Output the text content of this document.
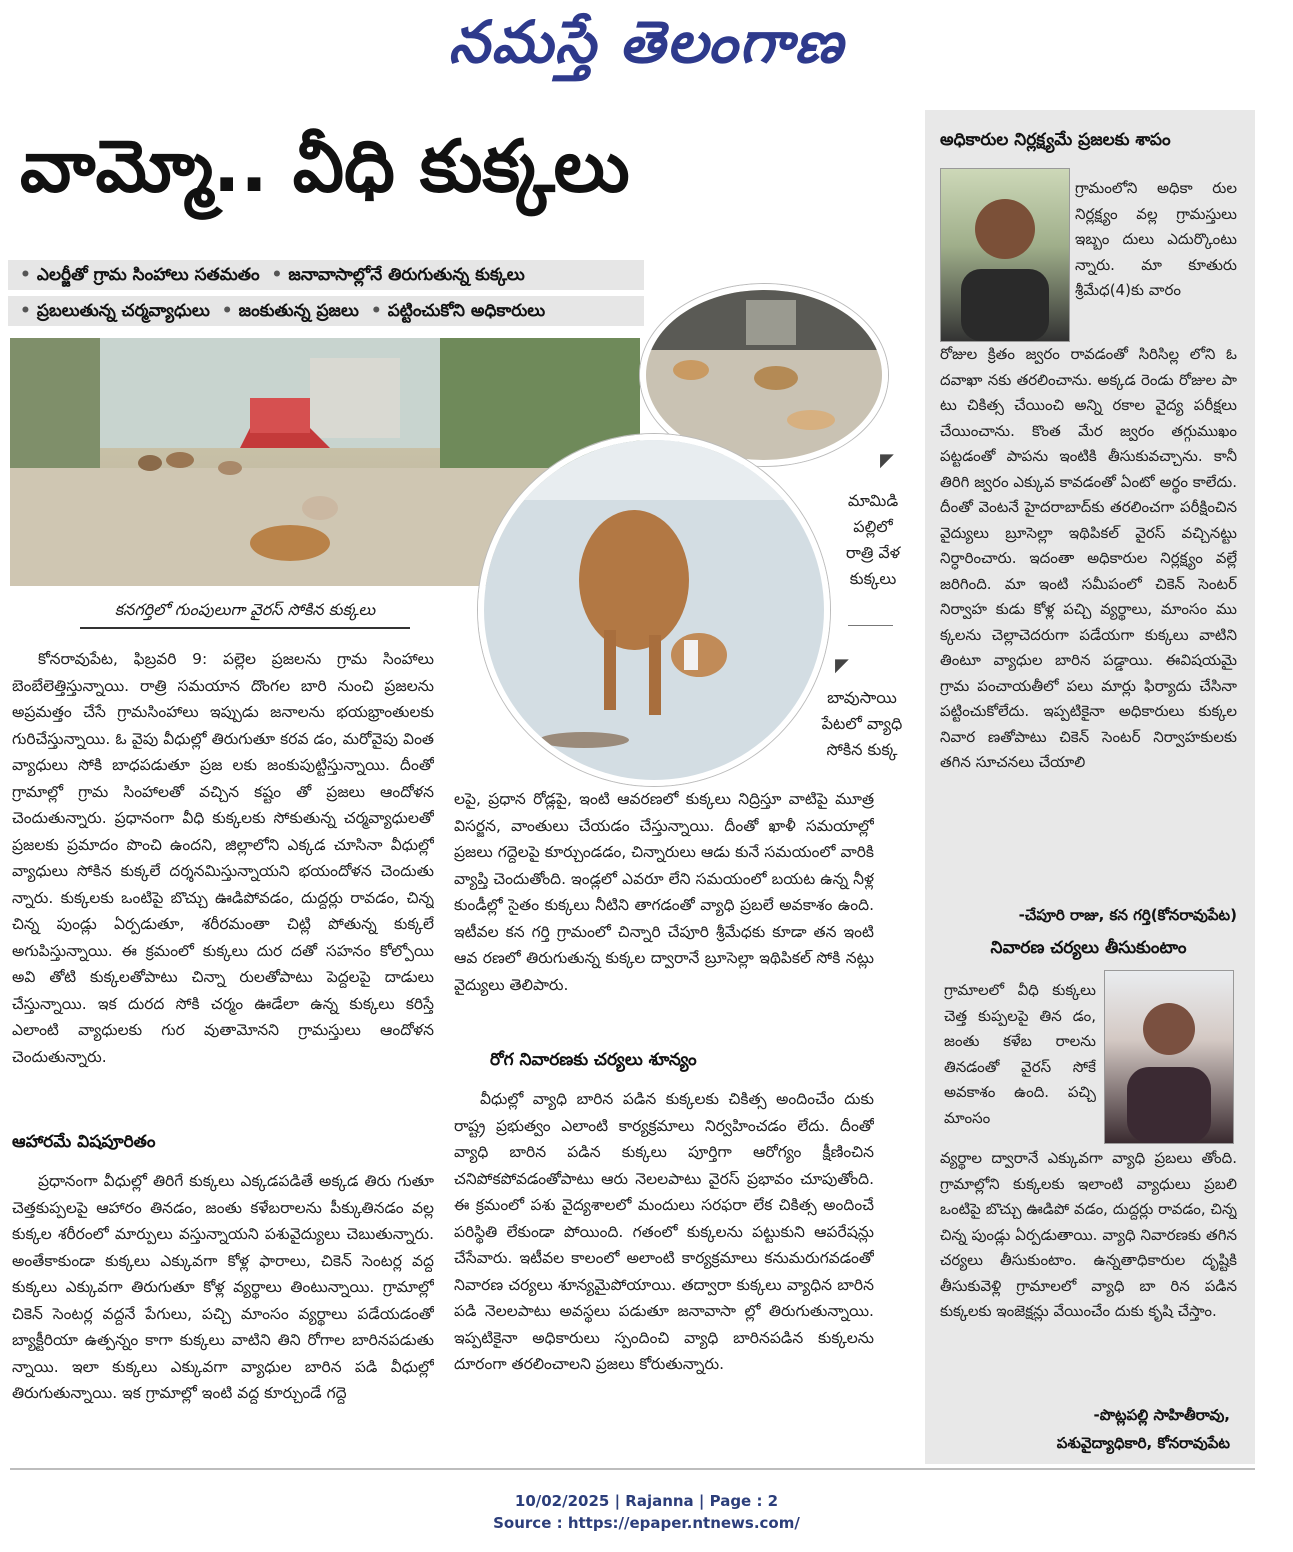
నమస్తే తెలంగాణ
వామ్మో.. వీధి కుక్కలు
• ఎలర్జీతో గ్రామ సింహాలు సతమతం • జనావాసాల్లోనే తిరుగుతున్న కుక్కలు
• ప్రబలుతున్న చర్మవ్యాధులు • జంకుతున్న ప్రజలు • పట్టించుకోని అధికారులు
కనగర్తిలో గుంపులుగా వైరస్ సోకిన కుక్కలు
◤
మామిడి
పల్లిలో
రాత్రి వేళ
కుక్కలు
◤
బావుసాయి
పేటలో వ్యాధి
సోకిన కుక్క

కోనరావుపేట, ఫిబ్రవరి 9: పల్లెల ప్రజలను గ్రామ సింహాలు బెంబేలెత్తిస్తున్నాయి. రాత్రి సమయాన దొంగల బారి నుంచి ప్రజలను అప్రమత్తం చేసే గ్రామసింహాలు ఇప్పుడు జనాలను భయభ్రాంతులకు గురిచేస్తున్నాయి. ఓ వైపు వీధుల్లో తిరుగుతూ కరవ డం, మరోవైపు వింత వ్యాధులు సోకి బాధపడుతూ ప్రజ లకు జంకుపుట్టిస్తున్నాయి. దీంతో గ్రామాల్లో గ్రామ సింహాలతో వచ్చిన కష్టం తో ప్రజలు ఆందోళన చెందుతున్నారు. ప్రధానంగా వీధి కుక్కలకు సోకుతున్న చర్మవ్యాధులతో ప్రజలకు ప్రమాదం పొంచి ఉందని, జిల్లాలోని ఎక్కడ చూసినా వీధుల్లో వ్యాధులు సోకిన కుక్కలే దర్శనమిస్తున్నాయని భయందోళన చెందుతు న్నారు. కుక్కలకు ఒంటిపై బొచ్చు ఊడిపోవడం, దుద్దర్లు రావడం, చిన్న చిన్న పుండ్లు ఏర్పడుతూ, శరీరమంతా చిట్లి పోతున్న కుక్కలే అగుపిస్తున్నాయి. ఈ క్రమంలో కుక్కలు దుర దతో సహనం కోల్పోయి అవి తోటి కుక్కలతోపాటు చిన్నా రులతోపాటు పెద్దలపై దాడులు చేస్తున్నాయి. ఇక దురద సోకి చర్మం ఊడేలా ఉన్న కుక్కలు కరిస్తే ఎలాంటి వ్యాధులకు గుర వుతామోనని గ్రామస్తులు ఆందోళన చెందుతున్నారు.

ఆహారమే విషపూరితం

ప్రధానంగా వీధుల్లో తిరిగే కుక్కలు ఎక్కడపడితే అక్కడ తిరు గుతూ చెత్తకుప్పలపై ఆహారం తినడం, జంతు కళేబరాలను పీక్కుతినడం వల్ల కుక్కల శరీరంలో మార్పులు వస్తున్నాయని పశువైద్యులు చెబుతున్నారు. అంతేకాకుండా కుక్కలు ఎక్కువగా కోళ్ల ఫారాలు, చికెన్ సెంటర్ల వద్ద కుక్కలు ఎక్కువగా తిరుగుతూ కోళ్ల వ్యర్థాలు తింటున్నాయి. గ్రామాల్లో చికెన్ సెంటర్ల వద్దనే పేగులు, పచ్చి మాంసం వ్యర్థాలు పడేయడంతో బ్యాక్టీరియా ఉత్పన్నం కాగా కుక్కలు వాటిని తిని రోగాల బారినపడుతు న్నాయి. ఇలా కుక్కలు ఎక్కువగా వ్యాధుల బారిన పడి వీధుల్లో తిరుగుతున్నాయి. ఇక గ్రామాల్లో ఇంటి వద్ద కూర్చుండే గద్దె

లపై, ప్రధాన రోడ్లపై, ఇంటి ఆవరణలో కుక్కలు నిద్రిస్తూ వాటిపై మూత్ర విసర్జన, వాంతులు చేయడం చేస్తున్నాయి. దీంతో ఖాళీ సమయాల్లో ప్రజలు గద్దెలపై కూర్చుండడం, చిన్నారులు ఆడు కునే సమయంలో వారికి వ్యాప్తి చెందుతోంది. ఇండ్లలో ఎవరూ లేని సమయంలో బయట ఉన్న నీళ్ల కుండీల్లో సైతం కుక్కలు నీటిని తాగడంతో వ్యాధి ప్రబలే అవకాశం ఉంది. ఇటీవల కన గర్తి గ్రామంలో చిన్నారి చేపూరి శ్రీమేధకు కూడా తన ఇంటి ఆవ రణలో తిరుగుతున్న కుక్కల ద్వారానే బ్రూసెల్లా ఇథిపికల్ సోకి నట్లు వైద్యులు తెలిపారు.

రోగ నివారణకు చర్యలు శూన్యం

వీధుల్లో వ్యాధి బారిన పడిన కుక్కలకు చికిత్స అందించేం దుకు రాష్ట్ర ప్రభుత్వం ఎలాంటి కార్యక్రమాలు నిర్వహించడం లేదు. దీంతో వ్యాధి బారిన పడిన కుక్కలు పూర్తిగా ఆరోగ్యం క్షీణించిన చనిపోకపోవడంతోపాటు ఆరు నెలలపాటు వైరస్ ప్రభావం చూపుతోంది. ఈ క్రమంలో పశు వైద్యశాలలో మందులు సరఫరా లేక చికిత్స అందించే పరిస్థితి లేకుండా పోయింది. గతంలో కుక్కలను పట్టుకుని ఆపరేషన్లు చేసేవారు. ఇటీవల కాలంలో అలాంటి కార్యక్రమాలు కనుమరుగవడంతో నివారణ చర్యలు శూన్యమైపోయాయి. తద్వారా కుక్కలు వ్యాధిన బారిన పడి నెలలపాటు అవస్థలు పడుతూ జనావాసా ల్లో తిరుగుతున్నాయి. ఇప్పటికైనా అధికారులు స్పందించి వ్యాధి బారినపడిన కుక్కలను దూరంగా తరలించాలని ప్రజలు కోరుతున్నారు.

అధికారుల నిర్లక్ష్యమే ప్రజలకు శాపం

గ్రామంలోని అధికా రుల నిర్లక్ష్యం వల్ల గ్రామస్తులు ఇబ్బం దులు ఎదుర్కొంటు న్నారు. మా కూతురు శ్రీమేధ(4)కు వారం

రోజుల క్రితం జ్వరం రావడంతో సిరిసిల్ల లోని ఓ దవాఖా నకు తరలించాను. అక్కడ రెండు రోజుల పా టు చికిత్స చేయించి అన్ని రకాల వైద్య పరీక్షలు చేయించాను. కొంత మేర జ్వరం తగ్గుముఖం పట్టడంతో పాపను ఇంటికి తీసుకువచ్చాను. కానీ తిరిగి జ్వరం ఎక్కువ కావడంతో ఏంటో అర్థం కాలేదు. దీంతో వెంటనే హైదరాబాద్‌కు తరలించగా పరీక్షించిన వైద్యులు బ్రూసెల్లా ఇథిపికల్ వైరస్ వచ్చినట్టు నిర్ధారించారు. ఇదంతా అధికారుల నిర్లక్ష్యం వల్లే జరిగింది. మా ఇంటి సమీపంలో చికెన్ సెంటర్ నిర్వాహ కుడు కోళ్ల పచ్చి వ్యర్థాలు, మాంసం ము క్కలను చెల్లాచెదరుగా పడేయగా కుక్కలు వాటిని తింటూ వ్యాధుల బారిన పడ్డాయి. ఈవిషయమై గ్రామ పంచాయతీలో పలు మార్లు ఫిర్యాదు చేసినా పట్టించుకోలేదు. ఇప్పటికైనా అధికారులు కుక్కల నివార ణతోపాటు చికెన్ సెంటర్ నిర్వాహకులకు తగిన సూచనలు చేయాలి

-చేపూరి రాజు, కన గర్తి(కోనరావుపేట)
నివారణ చర్యలు తీసుకుంటాం

గ్రామాలలో వీధి కుక్కలు చెత్త కుప్పలపై తిన డం, జంతు కళేబ రాలను తినడంతో వైరస్ సోకే అవకాశం ఉంది. పచ్చి మాంసం

వ్యర్థాల ద్వారానే ఎక్కువగా వ్యాధి ప్రబలు తోంది. గ్రామాల్లోని కుక్కలకు ఇలాంటి వ్యాధులు ప్రబలి ఒంటిపై బొచ్చు ఊడిపో వడం, దుద్దర్లు రావడం, చిన్న చిన్న పుండ్లు ఏర్పడుతాయి. వ్యాధి నివారణకు తగిన చర్యలు తీసుకుంటాం. ఉన్నతాధికారుల దృష్టికి తీసుకువెళ్లి గ్రామాలలో వ్యాధి బా రిన పడిన కుక్కలకు ఇంజెక్షన్లు వేయించేం దుకు కృషి చేస్తాం.

-పొట్లపల్లి సాహితీరావు,
పశువైద్యాధికారి, కోనరావుపేట
10/02/2025 | Rajanna | Page : 2
Source : https://epaper.ntnews.com/
